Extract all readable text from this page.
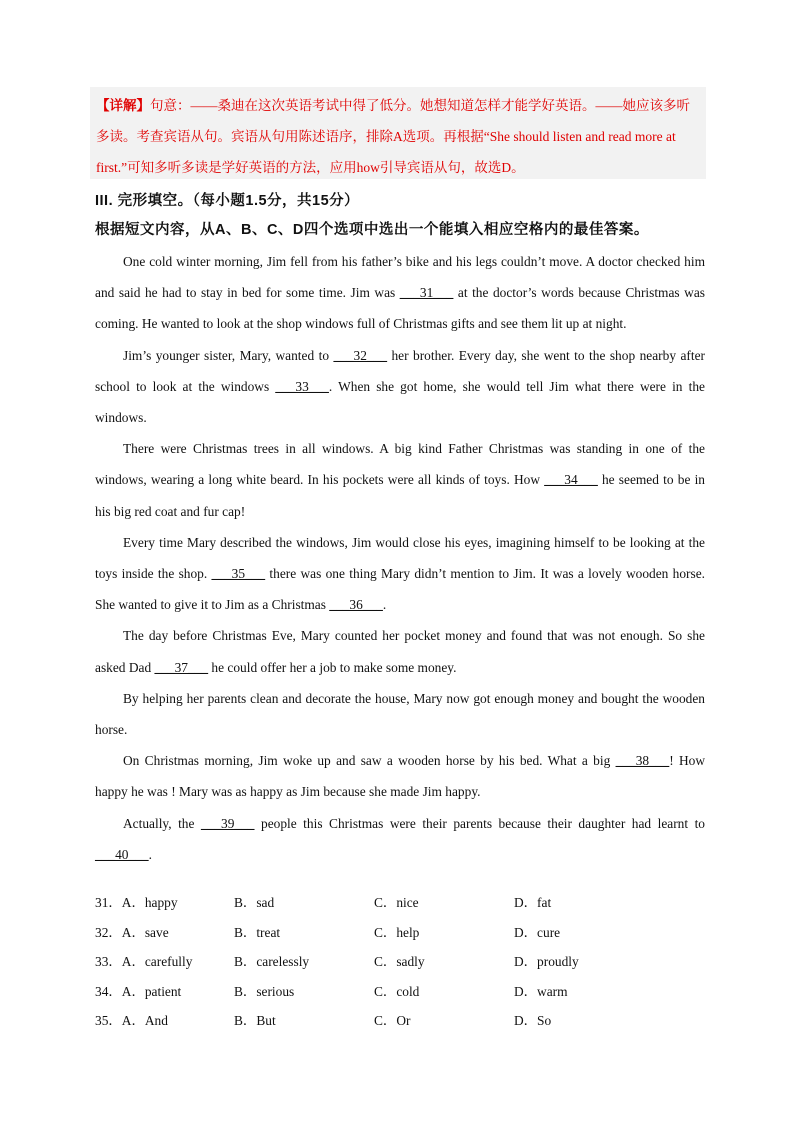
【详解】句意：——桑迪在这次英语考试中得了低分。她想知道怎样才能学好英语。——她应该多听多读。考查宾语从句。宾语从句用陈述语序，排除A选项。再根据“She should listen and read more at first.”可知多听多读是学好英语的方法，应用how引导宾语从句，故选D。
III. 完形填空。（每小题1.5分，共15分）
根据短文内容，从A、B、C、D四个选项中选出一个能填入相应空格内的最佳答案。

One cold winter morning, Jim fell from his father’s bike and his legs couldn’t move. A doctor checked him and said he had to stay in bed for some time. Jim was ___31___ at the doctor’s words because Christmas was coming. He wanted to look at the shop windows full of Christmas gifts and see them lit up at night.

Jim’s younger sister, Mary, wanted to ___32___ her brother. Every day, she went to the shop nearby after school to look at the windows ___33___. When she got home, she would tell Jim what there were in the windows.

There were Christmas trees in all windows. A big kind Father Christmas was standing in one of the windows, wearing a long white beard. In his pockets were all kinds of toys. How ___34___ he seemed to be in his big red coat and fur cap!

Every time Mary described the windows, Jim would close his eyes, imagining himself to be looking at the toys inside the shop. ___35___ there was one thing Mary didn’t mention to Jim. It was a lovely wooden horse. She wanted to give it to Jim as a Christmas ___36___.

The day before Christmas Eve, Mary counted her pocket money and found that was not enough. So she asked Dad ___37___ he could offer her a job to make some money.

By helping her parents clean and decorate the house, Mary now got enough money and bought the wooden horse.

On Christmas morning, Jim woke up and saw a wooden horse by his bed. What a big ___38___! How happy he was ! Mary was as happy as Jim because she made Jim happy.

Actually, the ___39___ people this Christmas were their parents because their daughter had learnt to ___40___.

31．A．happy	B．sad	C．nice	D．fat
32．A．save	B．treat	C．help	D．cure
33．A．carefully	B．carelessly	C．sadly	D．proudly
34．A．patient	B．serious	C．cold	D．warm
35．A．And	B．But	C．Or	D．So
